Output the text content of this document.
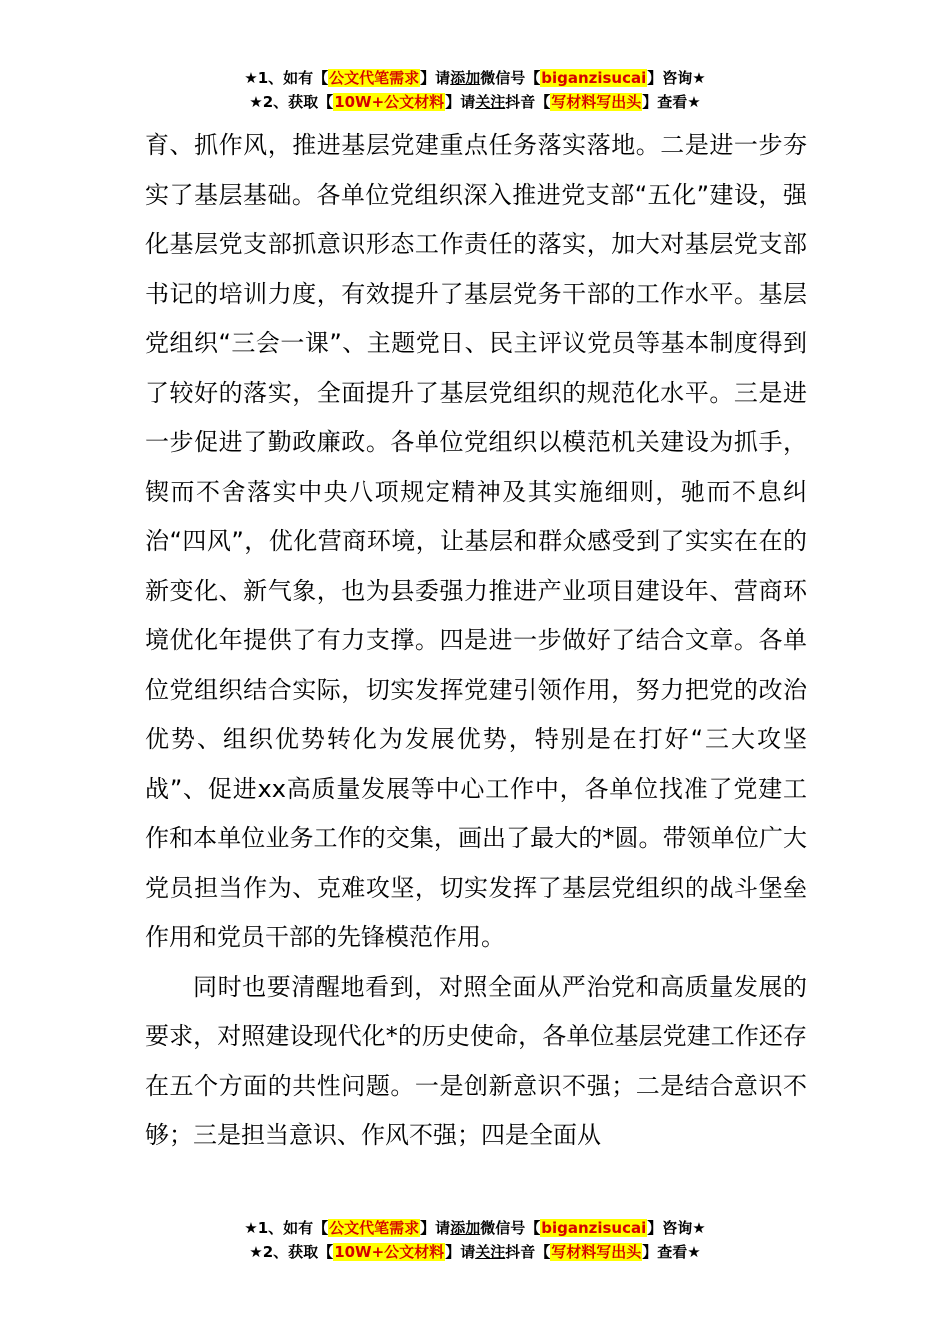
★1、如有【公文代笔需求】请添加微信号【biganzisucai】咨询★
★2、获取【10W+公文材料】请关注抖音【写材料写出头】查看★

育、抓作风，推进基层党建重点任务落实落地。二是进一步夯实了基层基础。各单位党组织深入推进党支部“五化”建设，强化基层党支部抓意识形态工作责任的落实，加大对基层党支部书记的培训力度，有效提升了基层党务干部的工作水平。基层党组织“三会一课”、主题党日、民主评议党员等基本制度得到了较好的落实，全面提升了基层党组织的规范化水平。三是进一步促进了勤政廉政。各单位党组织以模范机关建设为抓手，锲而不舍落实中央八项规定精神及其实施细则，驰而不息纠治“四风”，优化营商环境，让基层和群众感受到了实实在在的新变化、新气象，也为县委强力推进产业项目建设年、营商环境优化年提供了有力支撑。四是进一步做好了结合文章。各单位党组织结合实际，切实发挥党建引领作用，努力把党的改治优势、组织优势转化为发展优势，特别是在打好“三大攻坚战”、促进xx高质量发展等中心工作中，各单位找准了党建工作和本单位业务工作的交集，画出了最大的*圆。带领单位广大党员担当作为、克难攻坚，切实发挥了基层党组织的战斗堡垒作用和党员干部的先锋模范作用。

同时也要清醒地看到，对照全面从严治党和高质量发展的要求，对照建设现代化*的历史使命，各单位基层党建工作还存在五个方面的共性问题。一是创新意识不强；二是结合意识不够；三是担当意识、作风不强；四是全面从

★1、如有【公文代笔需求】请添加微信号【biganzisucai】咨询★
★2、获取【10W+公文材料】请关注抖音【写材料写出头】查看★
